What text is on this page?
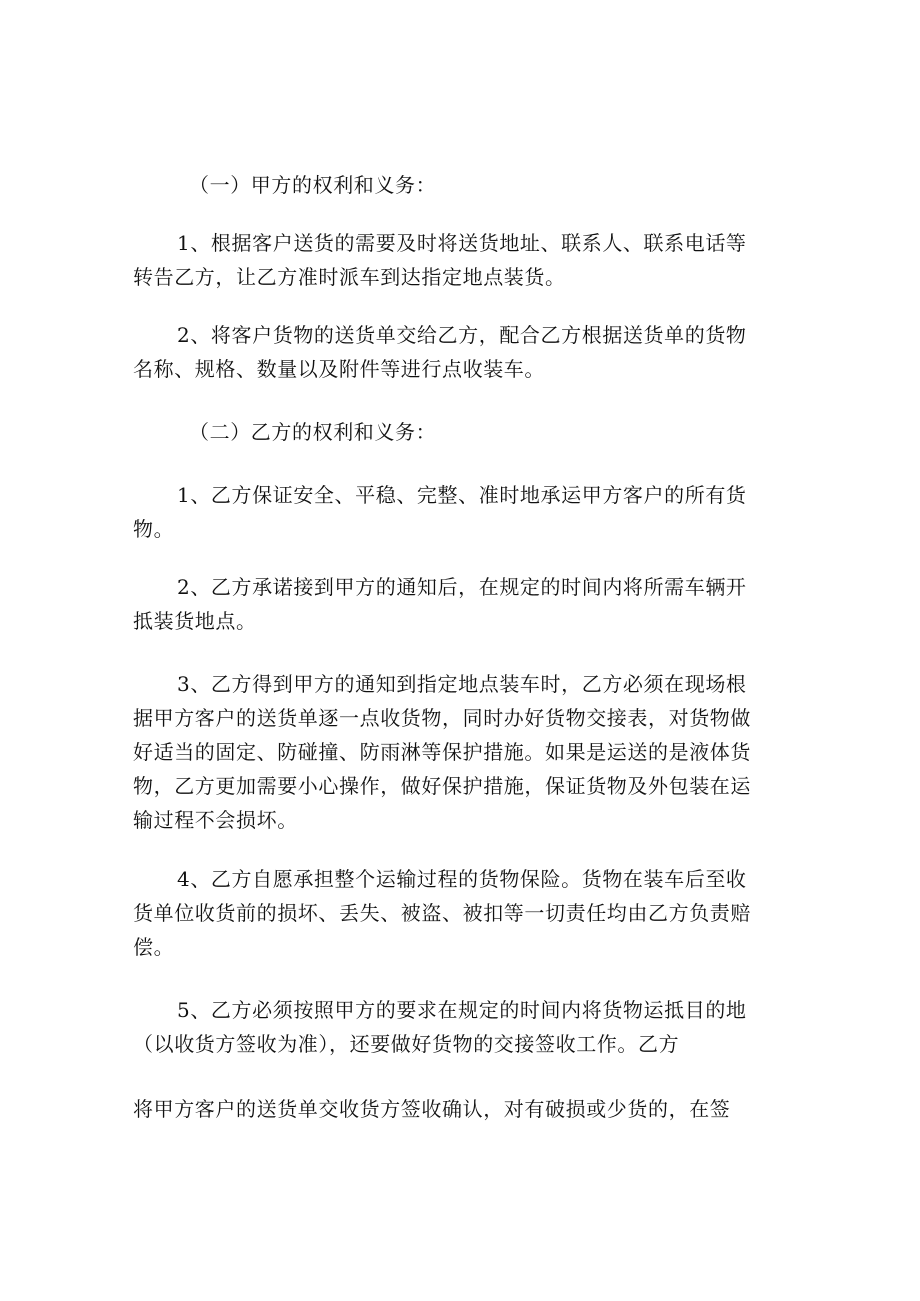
（一）甲方的权利和义务：
1、根据客户送货的需要及时将送货地址、联系人、联系电话等
转告乙方，让乙方准时派车到达指定地点装货。
2、将客户货物的送货单交给乙方，配合乙方根据送货单的货物
名称、规格、数量以及附件等进行点收装车。
（二）乙方的权利和义务：
1、乙方保证安全、平稳、完整、准时地承运甲方客户的所有货
物。
2、乙方承诺接到甲方的通知后，在规定的时间内将所需车辆开
抵装货地点。
3、乙方得到甲方的通知到指定地点装车时，乙方必须在现场根
据甲方客户的送货单逐一点收货物，同时办好货物交接表，对货物做
好适当的固定、防碰撞、防雨淋等保护措施。如果是运送的是液体货
物，乙方更加需要小心操作，做好保护措施，保证货物及外包装在运
输过程不会损坏。
4、乙方自愿承担整个运输过程的货物保险。货物在装车后至收
货单位收货前的损坏、丢失、被盗、被扣等一切责任均由乙方负责赔
偿。
5、乙方必须按照甲方的要求在规定的时间内将货物运抵目的地
（以收货方签收为准），还要做好货物的交接签收工作。乙方
将甲方客户的送货单交收货方签收确认，对有破损或少货的，在签
